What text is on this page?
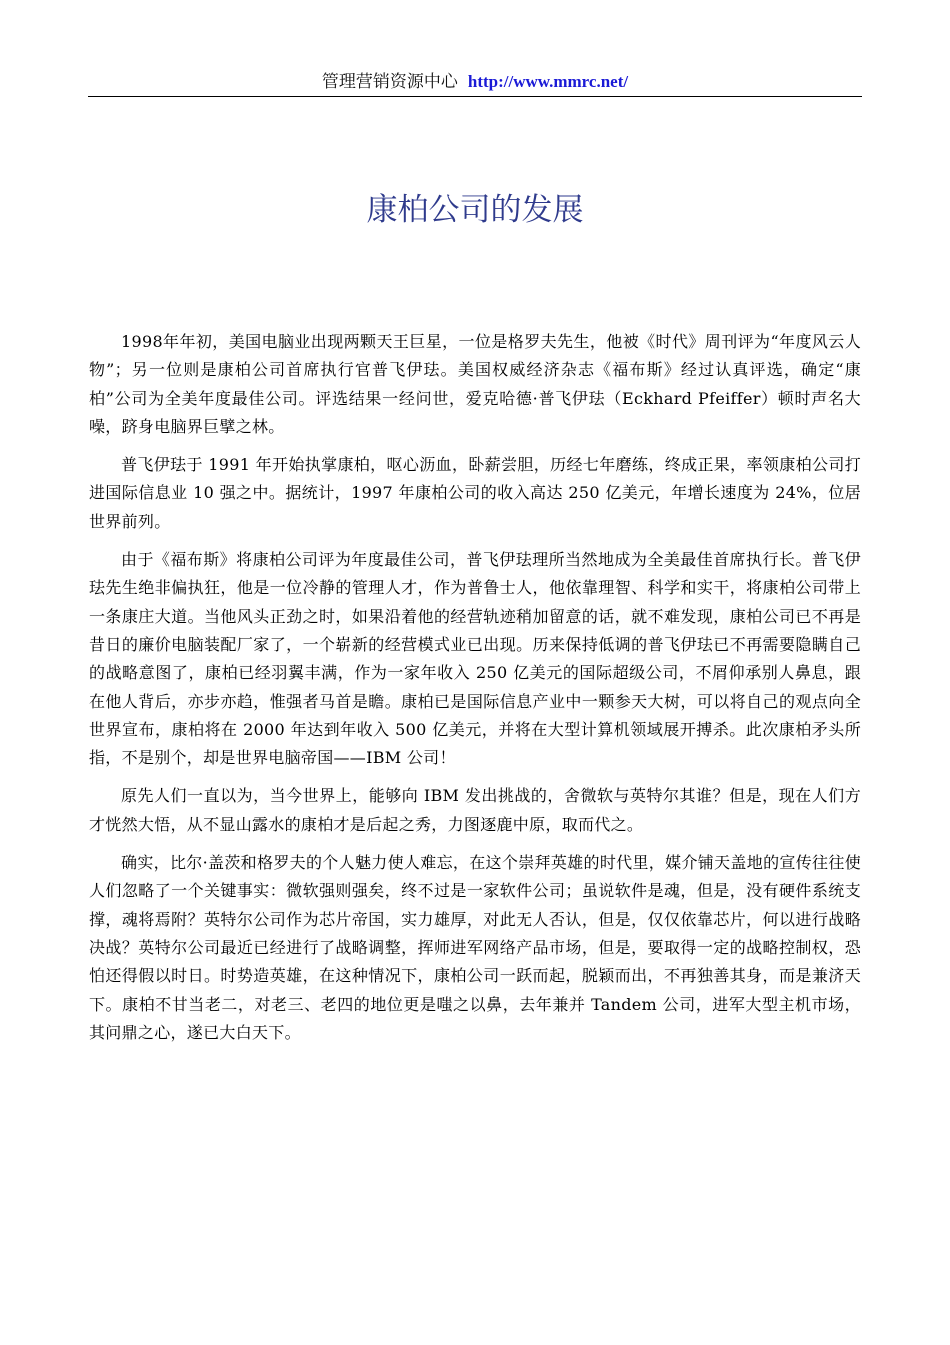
管理营销资源中心 http://www.mmrc.net/
康柏公司的发展

1998年年初，美国电脑业出现两颗天王巨星，一位是格罗夫先生，他被《时代》周刊评为“年度风云人物”；另一位则是康柏公司首席执行官普飞伊珐。美国权威经济杂志《福布斯》经过认真评选，确定“康柏”公司为全美年度最佳公司。评选结果一经问世，爱克哈德·普飞伊珐（Eckhard Pfeiffer）顿时声名大噪，跻身电脑界巨擘之林。

普飞伊珐于 1991 年开始执掌康柏，呕心沥血，卧薪尝胆，历经七年磨练，终成正果，率领康柏公司打进国际信息业 10 强之中。据统计，1997 年康柏公司的收入高达 250 亿美元，年增长速度为 24%，位居世界前列。

由于《福布斯》将康柏公司评为年度最佳公司，普飞伊珐理所当然地成为全美最佳首席执行长。普飞伊珐先生绝非偏执狂，他是一位冷静的管理人才，作为普鲁士人，他依靠理智、科学和实干，将康柏公司带上一条康庄大道。当他风头正劲之时，如果沿着他的经营轨迹稍加留意的话，就不难发现，康柏公司已不再是昔日的廉价电脑装配厂家了，一个崭新的经营模式业已出现。历来保持低调的普飞伊珐已不再需要隐瞒自己的战略意图了，康柏已经羽翼丰满，作为一家年收入 250 亿美元的国际超级公司，不屑仰承别人鼻息，跟在他人背后，亦步亦趋，惟强者马首是瞻。康柏已是国际信息产业中一颗参天大树，可以将自己的观点向全世界宣布，康柏将在 2000 年达到年收入 500 亿美元，并将在大型计算机领域展开搏杀。此次康柏矛头所指，不是别个，却是世界电脑帝国——IBM 公司！

原先人们一直以为，当今世界上，能够向 IBM 发出挑战的，舍微软与英特尔其谁？但是，现在人们方才恍然大悟，从不显山露水的康柏才是后起之秀，力图逐鹿中原，取而代之。

确实，比尔·盖茨和格罗夫的个人魅力使人难忘，在这个崇拜英雄的时代里，媒介铺天盖地的宣传往往使人们忽略了一个关键事实：微软强则强矣，终不过是一家软件公司；虽说软件是魂，但是，没有硬件系统支撑，魂将焉附？英特尔公司作为芯片帝国，实力雄厚，对此无人否认，但是，仅仅依靠芯片，何以进行战略决战？英特尔公司最近已经进行了战略调整，挥师进军网络产品市场，但是，要取得一定的战略控制权，恐怕还得假以时日。时势造英雄，在这种情况下，康柏公司一跃而起，脱颖而出，不再独善其身，而是兼济天下。康柏不甘当老二，对老三、老四的地位更是嗤之以鼻，去年兼并 Tandem 公司，进军大型主机市场，其问鼎之心，遂已大白天下。
